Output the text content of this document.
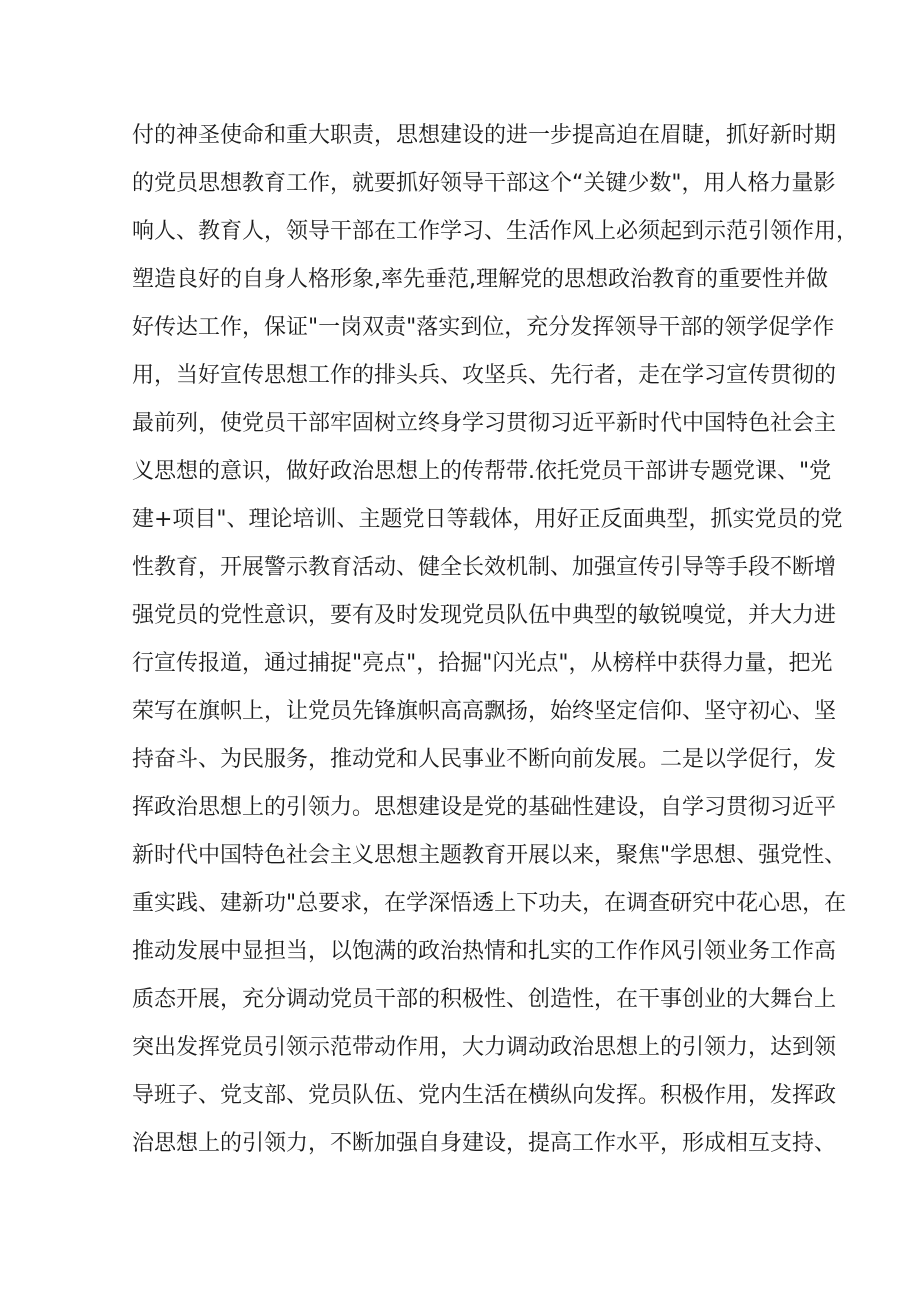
付的神圣使命和重大职责，思想建设的进一步提高迫在眉睫，抓好新时期
的党员思想教育工作，就要抓好领导干部这个“关键少数"，用人格力量影
响人、教育人，领导干部在工作学习、生活作风上必须起到示范引领作用，
塑造良好的自身人格形象,率先垂范,理解党的思想政治教育的重要性并做
好传达工作，保证"一岗双责"落实到位，充分发挥领导干部的领学促学作
用，当好宣传思想工作的排头兵、攻坚兵、先行者，走在学习宣传贯彻的
最前列，使党员干部牢固树立终身学习贯彻习近平新时代中国特色社会主
义思想的意识，做好政治思想上的传帮带.依托党员干部讲专题党课、"党
建+项目"、理论培训、主题党日等载体，用好正反面典型，抓实党员的党
性教育，开展警示教育活动、健全长效机制、加强宣传引导等手段不断增
强党员的党性意识，要有及时发现党员队伍中典型的敏锐嗅觉，并大力进
行宣传报道，通过捕捉"亮点"，拾掘"闪光点"，从榜样中获得力量，把光
荣写在旗帜上，让党员先锋旗帜高高飘扬，始终坚定信仰、坚守初心、坚
持奋斗、为民服务，推动党和人民事业不断向前发展。二是以学促行，发
挥政治思想上的引领力。思想建设是党的基础性建设，自学习贯彻习近平
新时代中国特色社会主义思想主题教育开展以来，聚焦"学思想、强党性、
重实践、建新功"总要求，在学深悟透上下功夫，在调查研究中花心思，在
推动发展中显担当，以饱满的政治热情和扎实的工作作风引领业务工作高
质态开展，充分调动党员干部的积极性、创造性，在干事创业的大舞台上
突出发挥党员引领示范带动作用，大力调动政治思想上的引领力，达到领
导班子、党支部、党员队伍、党内生活在横纵向发挥。积极作用，发挥政
治思想上的引领力，不断加强自身建设，提高工作水平，形成相互支持、
